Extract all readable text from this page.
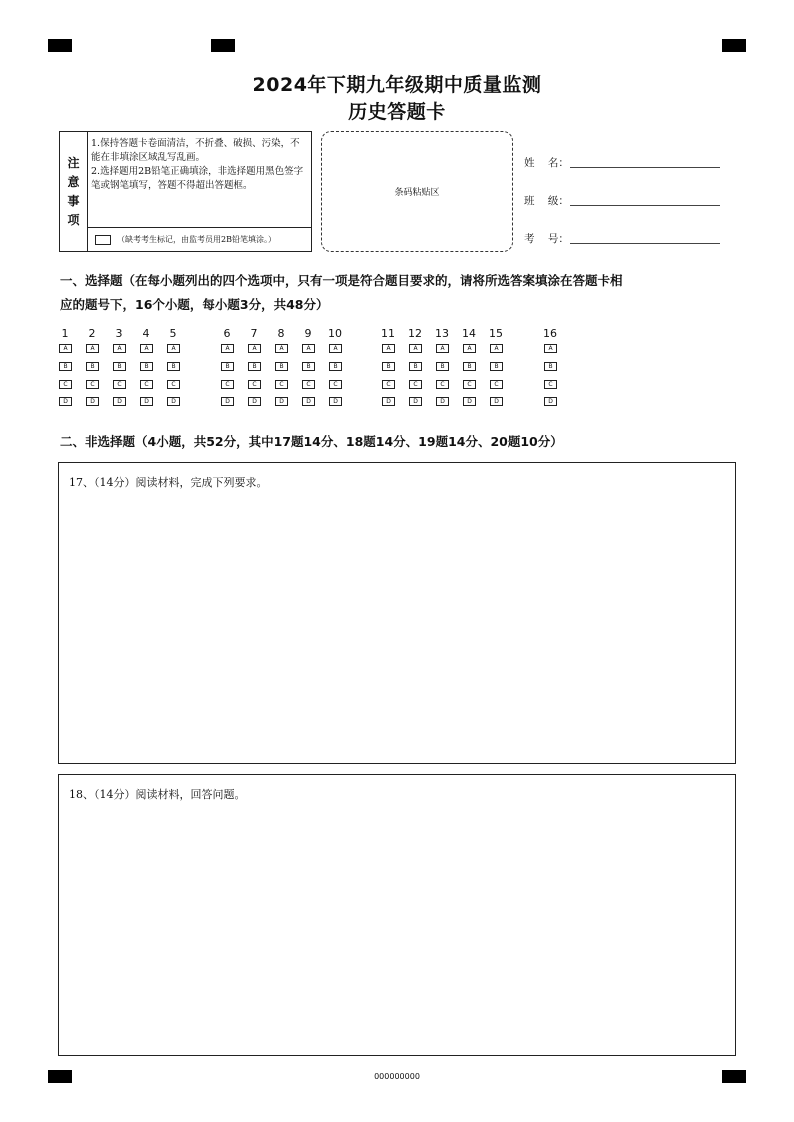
2024年下期九年级期中质量监测
历史答题卡
注
意
事
项
1.保持答题卡卷面清洁，不折叠、破损、污染，不能在非填涂区域乱写乱画。
2.选择题用2B铅笔正确填涂，非选择题用黑色签字笔或钢笔填写，答题不得超出答题框。
（缺考考生标记，由监考员用2B铅笔填涂。）
条码粘贴区
姓    名：
班    级：
考    号：
一、选择题（在每小题列出的四个选项中，只有一项是符合题目要求的，请将所选答案填涂在答题卡相
应的题号下，16个小题，每小题3分，共48分）
1
A
B
C
D
2
A
B
C
D
3
A
B
C
D
4
A
B
C
D
5
A
B
C
D
6
A
B
C
D
7
A
B
C
D
8
A
B
C
D
9
A
B
C
D
10
A
B
C
D
11
A
B
C
D
12
A
B
C
D
13
A
B
C
D
14
A
B
C
D
15
A
B
C
D
16
A
B
C
D
二、非选择题（4小题，共52分，其中17题14分、18题14分、19题14分、20题10分）
17、（14分）阅读材料，完成下列要求。
18、（14分）阅读材料，回答问题。
000000000
